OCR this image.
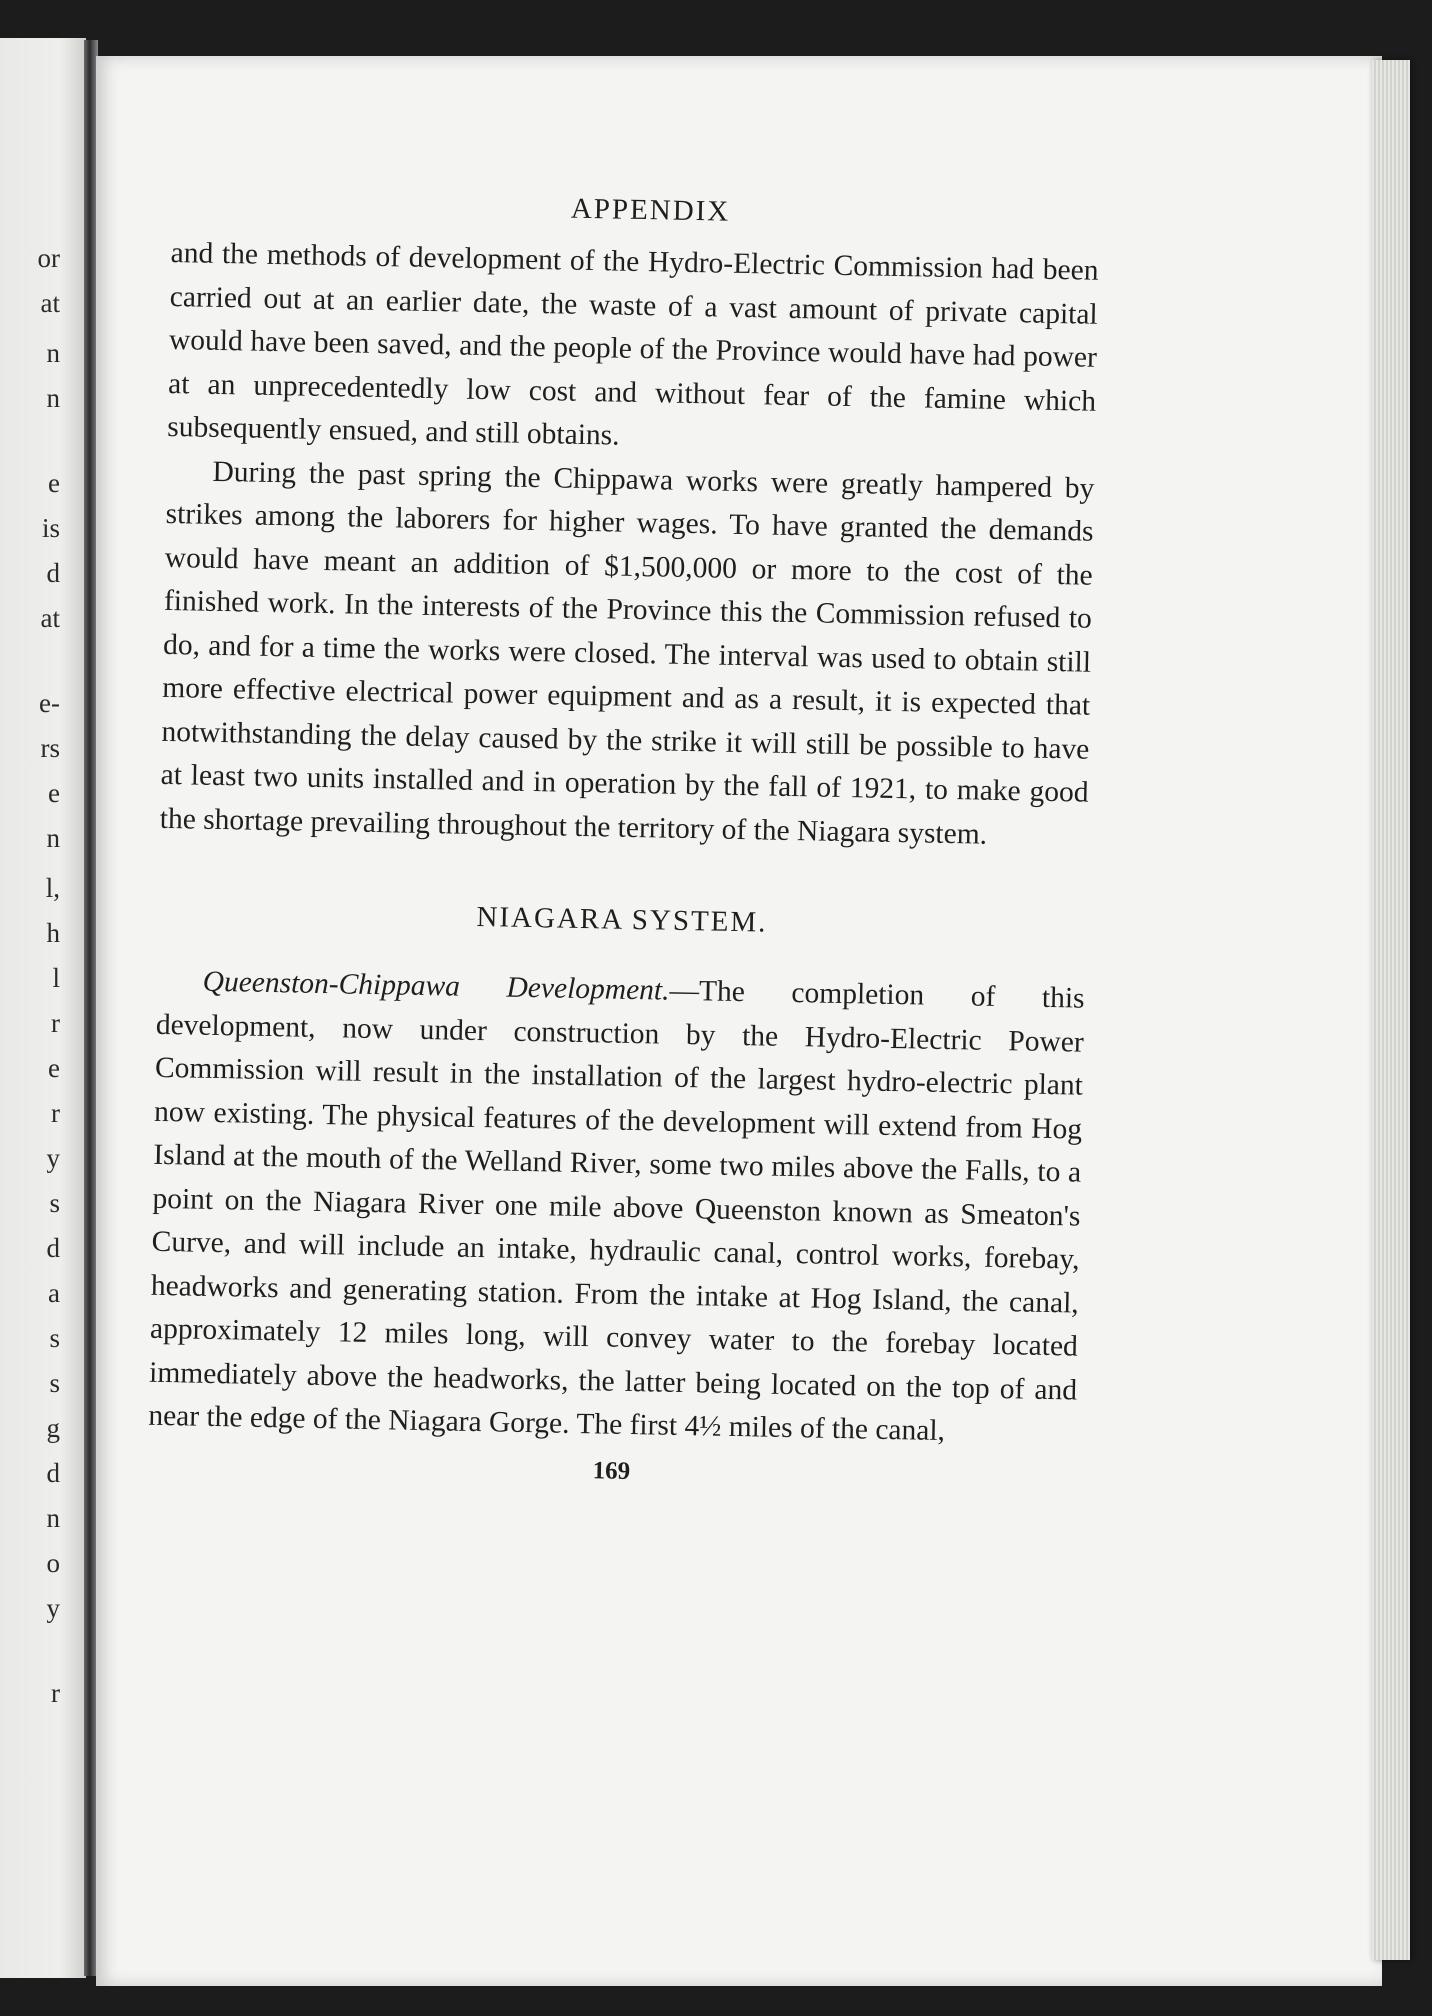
or
at
n
n
e
is
d
at
e-
rs
e
n
l,
h
l
r
e
r
y
s
d
a
s
s
g
d
n
o
y
r
APPENDIX

and the methods of development of the Hydro-Electric Commission had been carried out at an earlier date, the waste of a vast amount of private capital would have been saved, and the people of the Province would have had power at an unprecedentedly low cost and without fear of the famine which subsequently ensued, and still obtains.

During the past spring the Chippawa works were greatly hampered by strikes among the laborers for higher wages. To have granted the demands would have meant an addition of $1,500,000 or more to the cost of the finished work. In the interests of the Province this the Commission refused to do, and for a time the works were closed. The interval was used to obtain still more effective electrical power equipment and as a result, it is expected that notwithstanding the delay caused by the strike it will still be possible to have at least two units installed and in operation by the fall of 1921, to make good the shortage prevailing throughout the territory of the Niagara system.

NIAGARA SYSTEM.

Queenston-Chippawa Development.—The completion of this development, now under construction by the Hydro-Electric Power Commission will result in the installation of the largest hydro-electric plant now existing. The physical features of the development will extend from Hog Island at the mouth of the Welland River, some two miles above the Falls, to a point on the Niagara River one mile above Queenston known as Smeaton's Curve, and will include an intake, hydraulic canal, control works, forebay, headworks and generating station. From the intake at Hog Island, the canal, approximately 12 miles long, will convey water to the forebay located immediately above the headworks, the latter being located on the top of and near the edge of the Niagara Gorge. The first 4½ miles of the canal,

169
